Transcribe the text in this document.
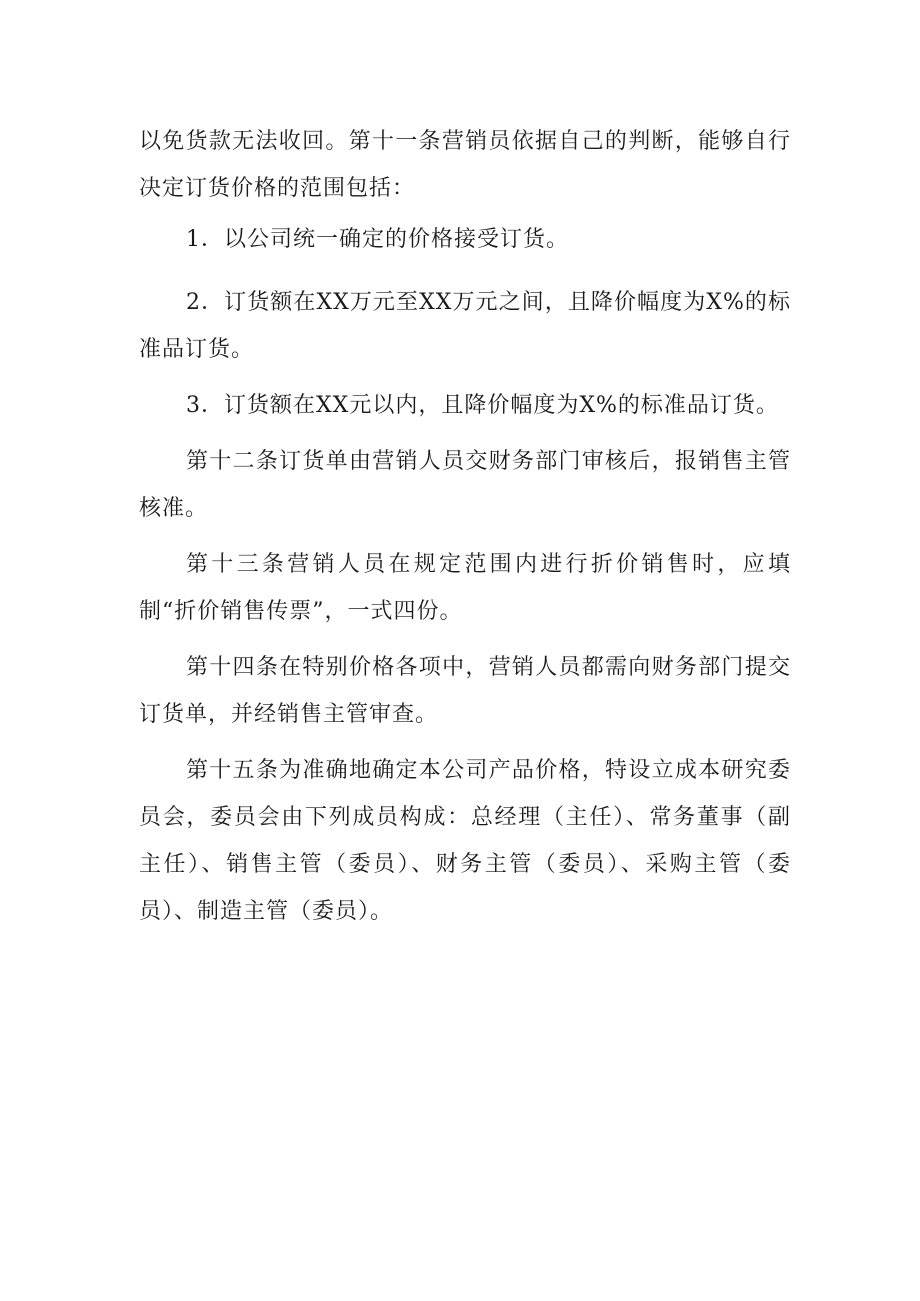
以免货款无法收回。第十一条营销员依据自己的判断，能够自行决定订货价格的范围包括：

1．以公司统一确定的价格接受订货。

2．订货额在XX万元至XX万元之间，且降价幅度为X%的标准品订货。

3．订货额在XX元以内，且降价幅度为X%的标准品订货。

第十二条订货单由营销人员交财务部门审核后，报销售主管核准。

第十三条营销人员在规定范围内进行折价销售时，应填制“折价销售传票”，一式四份。

第十四条在特别价格各项中，营销人员都需向财务部门提交订货单，并经销售主管审查。

第十五条为准确地确定本公司产品价格，特设立成本研究委员会，委员会由下列成员构成：总经理（主任）、常务董事（副主任）、销售主管（委员）、财务主管（委员）、采购主管（委员）、制造主管（委员）。
